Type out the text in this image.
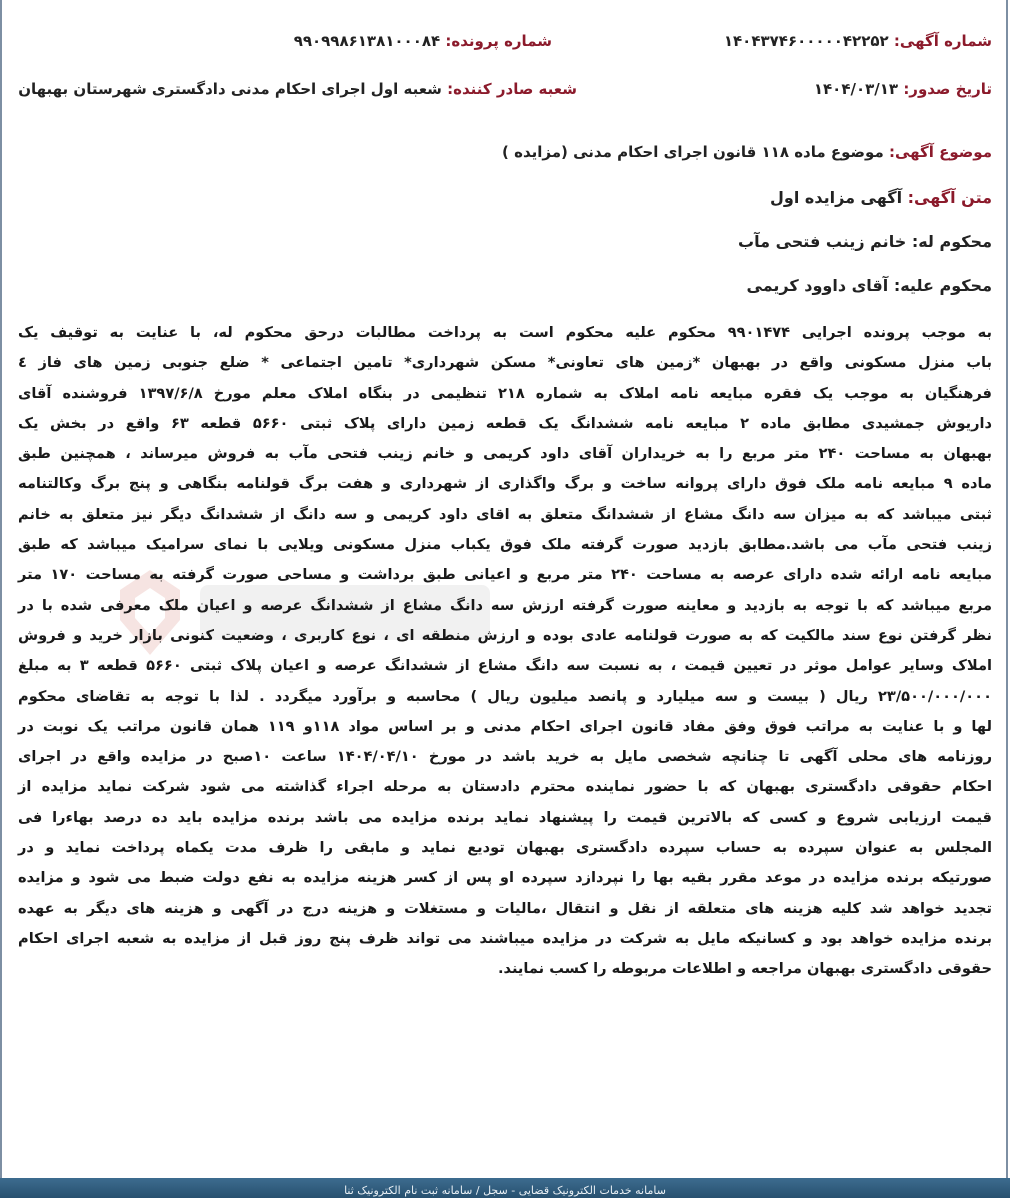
شماره آگهی: ۱۴۰۴۳۷۴۶۰۰۰۰۰۴۲۲۵۲
شماره پرونده: ۹۹۰۹۹۸۶۱۳۸۱۰۰۰۸۴
تاریخ صدور: ۱۴۰۴/۰۳/۱۳
شعبه صادر کننده: شعبه اول اجرای احکام مدنی دادگستری شهرستان بهبهان
موضوع آگهی: موضوع ماده ۱۱۸ قانون اجرای احکام مدنی (مزایده )
متن آگهی: آگهی مزایده اول
محکوم له: خانم زینب فتحی مآب
محکوم علیه: آقای داوود کریمی
به موجب پرونده اجرایی ۹۹۰۱۴۷۴ محکوم علیه محکوم است به پرداخت مطالبات درحق محکوم له، با عنایت به توقیف یک
باب منزل مسکونی واقع در بهبهان *زمین های تعاونی* مسکن شهرداری* تامین اجتماعی * ضلع جنوبی زمین های فاز ٤
فرهنگیان به موجب یک فقره مبایعه نامه املاک به شماره ۲۱۸ تنظیمی در بنگاه املاک معلم مورخ ۱۳۹۷/۶/۸ فروشنده آقای
داریوش جمشیدی مطابق ماده ۲ مبایعه نامه ششدانگ یک قطعه زمین دارای پلاک ثبتی ۵۶۶۰ قطعه ۶۳ واقع در بخش یک
بهبهان به مساحت ۲۴۰ متر مربع را به خریداران آقای داود کریمی و خانم زینب فتحی مآب به فروش میرساند ، همچنین طبق
ماده ۹ مبایعه نامه ملک فوق دارای پروانه ساخت و برگ واگذاری از شهرداری و هفت برگ قولنامه بنگاهی و پنج برگ وکالتنامه
ثبتی میباشد که به میزان سه دانگ مشاع از ششدانگ متعلق به اقای داود کریمی و سه دانگ از ششدانگ دیگر نیز متعلق به خانم
زینب فتحی مآب می باشد.مطابق بازدید صورت گرفته ملک فوق یکباب منزل مسکونی ویلایی با نمای سرامیک میباشد که طبق
مبایعه نامه ارائه شده دارای عرصه به مساحت ۲۴۰ متر مربع و اعیانی طبق برداشت و مساحی صورت گرفته به مساحت ۱۷۰ متر
مربع میباشد که با توجه به بازدید و معاینه صورت گرفته ارزش سه دانگ مشاع از ششدانگ عرصه و اعیان ملک معرفی شده با در
نظر گرفتن نوع سند مالکیت که به صورت قولنامه عادی بوده و ارزش منطقه ای ، نوع کاربری ، وضعیت کنونی بازار خرید و فروش
املاک وسایر عوامل موثر در تعیین قیمت ، به نسبت سه دانگ مشاع از ششدانگ عرصه و اعیان پلاک ثبتی ۵۶۶۰ قطعه ۳ به مبلغ
۲۳/۵۰۰/۰۰۰/۰۰۰ ریال ( بیست و سه میلیارد و پانصد میلیون ریال ) محاسبه و برآورد میگردد . لذا با توجه به تقاضای محکوم
لها و با عنایت به مراتب فوق وفق مفاد قانون اجرای احکام مدنی و بر اساس مواد ۱۱۸و ۱۱۹ همان قانون مراتب یک نوبت در
روزنامه های محلی آگهی تا چنانچه شخصی مایل به خرید باشد در مورخ ۱۴۰۴/۰۴/۱۰ ساعت ۱۰صبح در مزایده واقع در اجرای
احکام حقوقی دادگستری بهبهان که با حضور نماینده محترم دادستان به مرحله اجراء گذاشته می شود شرکت نماید مزایده از
قیمت ارزیابی شروع و کسی که بالاترین قیمت را پیشنهاد نماید برنده مزایده می باشد برنده مزایده باید ده درصد بهاءرا فی
المجلس به عنوان سپرده به حساب سپرده دادگستری بهبهان تودیع نماید و مابقی را ظرف مدت یکماه پرداخت نماید و در
صورتیکه برنده مزایده در موعد مقرر بقیه بها را نپردازد سپرده او پس از کسر هزینه مزایده به نفع دولت ضبط می شود و مزایده
تجدید خواهد شد کلیه هزینه های متعلقه از نقل و انتقال ،مالیات و مستغلات و هزینه درج در آگهی و هزینه های دیگر به عهده
برنده مزایده خواهد بود و کسانیکه مایل به شرکت در مزایده میباشند می تواند ظرف پنج روز قبل از مزایده به شعبه اجرای احکام
حقوقی دادگستری بهبهان مراجعه و اطلاعات مربوطه را کسب نمایند.
سامانه خدمات الکترونیک قضایی - سجل / سامانه ثبت نام الکترونیک ثنا
